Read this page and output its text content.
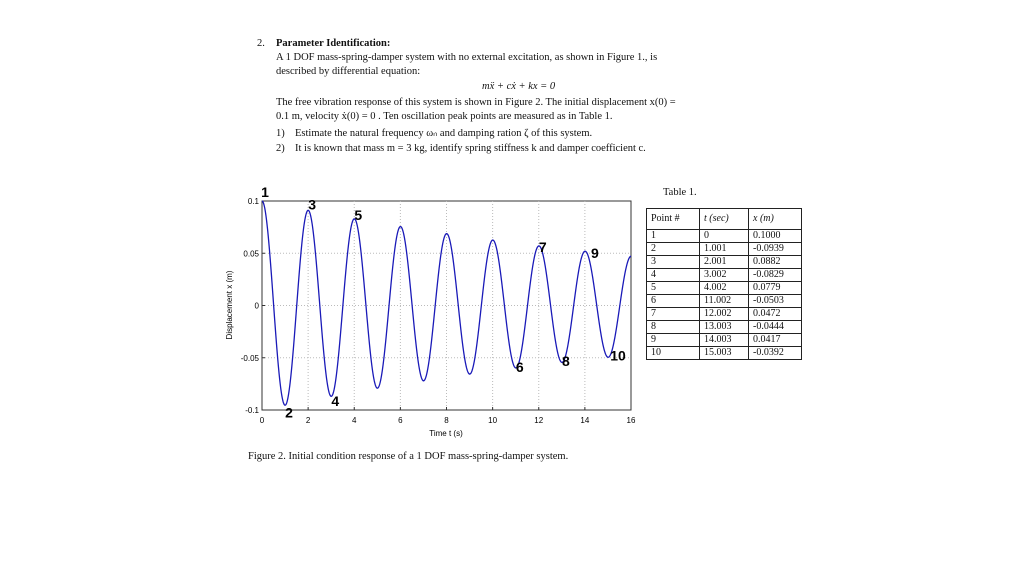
2. Parameter Identification:
A 1 DOF mass-spring-damper system with no external excitation, as shown in Figure 1., is
described by differential equation:
mẍ + cẋ + kx = 0
The free vibration response of this system is shown in Figure 2. The initial displacement x(0) =
0.1 m, velocity ẋ(0) = 0 . Ten oscillation peak points are measured as in Table 1.
1) Estimate the natural frequency ωₙ and damping ration ζ of this system.
2) It is known that mass m = 3 kg, identify spring stiffness k and damper coefficient c.
0	2	4	6	8	10	12	14	16
-0.1
-0.05
0
0.05
0.1
1
2
3
4
5
6
7
8
9
10
Time t (s)
Displacement x (m)
Figure 2. Initial condition response of a 1 DOF mass-spring-damper system.
Table 1.
Point #	t (sec)	x (m)
1	0	0.1000
2	1.001	-0.0939
3	2.001	0.0882
4	3.002	-0.0829
5	4.002	0.0779
6	11.002	-0.0503
7	12.002	0.0472
8	13.003	-0.0444
9	14.003	0.0417
10	15.003	-0.0392
